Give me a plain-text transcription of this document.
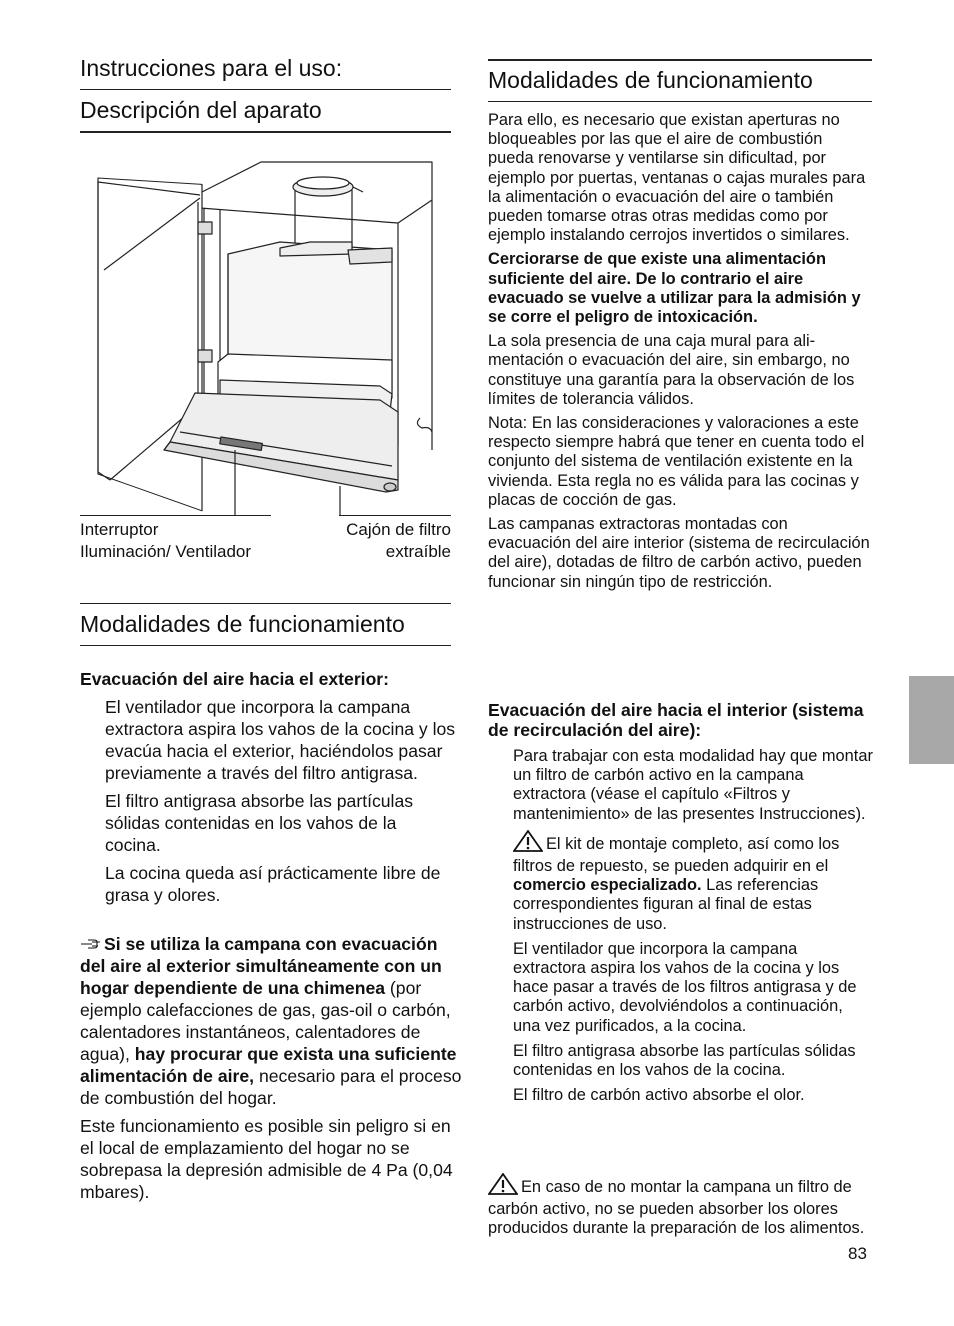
Instrucciones para el uso:
Descripción del aparato
Interruptor
Iluminación/ Ventilador
Cajón de filtro
extraíble
Modalidades de funcionamiento
Evacuación del aire hacia el exterior:

El ventilador que incorpora la campana extractora aspira los vahos de la cocina y los evacúa hacia el exterior, haciéndolos pasar previamente a través del filtro antigrasa.

El filtro antigrasa absorbe las partículas sólidas contenidas en los vahos de la cocina.

La cocina queda así prácticamente libre de grasa y olores.

Si se utiliza la campana con evacuación del aire al exterior simultáneamente con un hogar dependiente de una chimenea (por ejemplo calefacciones de gas, gas-oil o carbón, calentadores instantáneos, calentadores de agua), hay procurar que exista una suficiente alimentación de aire, necesario para el proceso de combustión del hogar.

Este funcionamiento es posible sin peligro si en el local de emplazamiento del hogar no se sobrepasa la depresión admisible de 4 Pa (0,04 mbares).

Modalidades de funcionamiento

Para ello, es necesario que existan aperturas no bloqueables por las que el aire de combustión pueda renovarse y ventilarse sin dificultad, por ejemplo por puertas, ventanas o cajas murales para la alimentación o evacuación del aire o también pueden tomarse otras otras medidas como por ejemplo instalando cerrojos invertidos o similares.

Cerciorarse de que existe una alimentación suficiente del aire. De lo contrario el aire evacuado se vuelve a utilizar para la admisión y se corre el peligro de intoxicación.

La sola presencia de una caja mural para alimentación o evacuación del aire, sin embargo, no constituye una garantía para la observación de los límites de tolerancia válidos.

Nota: En las consideraciones y valoraciones a este respecto siempre habrá que tener en cuenta todo el conjunto del sistema de ventilación existente en la vivienda. Esta regla no es válida para las cocinas y placas de cocción de gas.

Las campanas extractoras montadas con evacuación del aire interior (sistema de recirculación del aire), dotadas de filtro de carbón activo, pueden funcionar sin ningún tipo de restricción.

Evacuación del aire hacia el interior (sistema de recirculación del aire):

Para trabajar con esta modalidad hay que montar un filtro de carbón activo en la campana extractora (véase el capítulo «Filtros y mantenimiento» de las presentes Instrucciones).

El kit de montaje completo, así como los filtros de repuesto, se pueden adquirir en el comercio especializado. Las referencias correspondientes figuran al final de estas instrucciones de uso.

El ventilador que incorpora la campana extractora aspira los vahos de la cocina y los hace pasar a través de los filtros antigrasa y de carbón activo, devolviéndolos a continuación, una vez purificados, a la cocina.

El filtro antigrasa absorbe las partículas sólidas contenidas en los vahos de la cocina.

El filtro de carbón activo absorbe el olor.

En caso de no montar la campana un filtro de carbón activo, no se pueden absorber los olores producidos durante la preparación de los alimentos.

83
